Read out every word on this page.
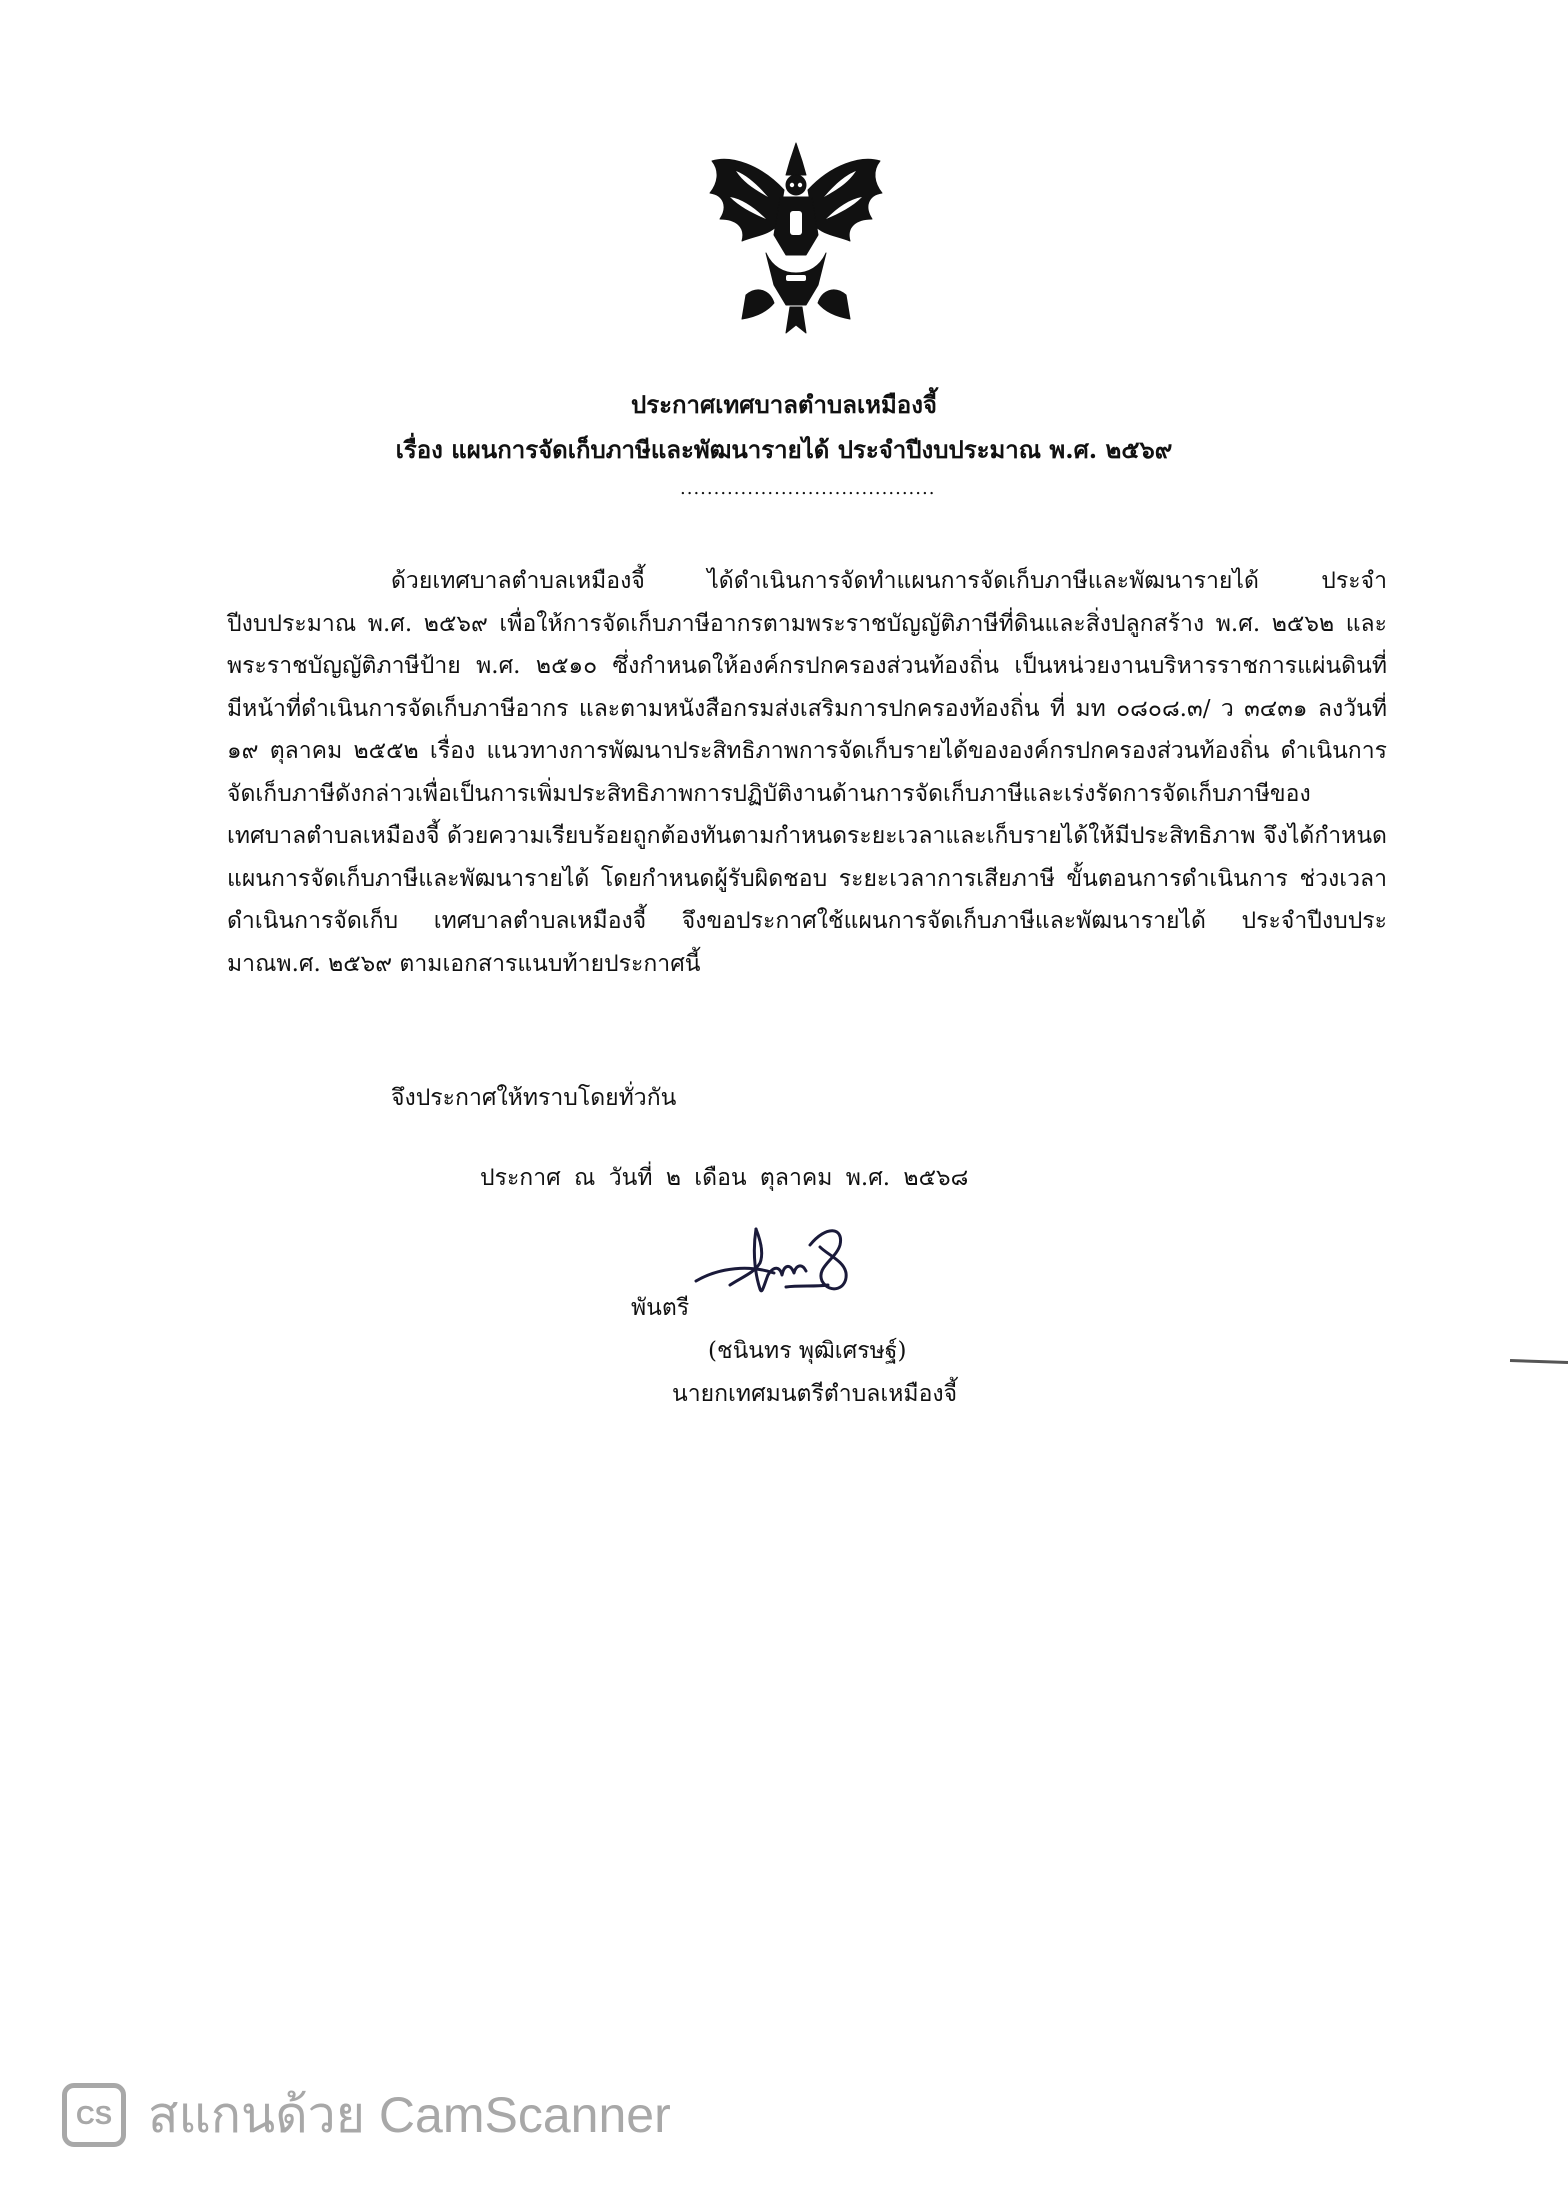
ประกาศเทศบาลตำบลเหมืองจี้
เรื่อง แผนการจัดเก็บภาษีและพัฒนารายได้ ประจำปีงบประมาณ พ.ศ. ๒๕๖๙
......................................
ด้วยเทศบาลตำบลเหมืองจี้ ได้ดำเนินการจัดทำแผนการจัดเก็บภาษีและพัฒนารายได้ ประจำปีงบประมาณ พ.ศ. ๒๕๖๙ เพื่อให้การจัดเก็บภาษีอากรตามพระราชบัญญัติภาษีที่ดินและสิ่งปลูกสร้าง พ.ศ. ๒๕๖๒ และพระราชบัญญัติภาษีป้าย พ.ศ. ๒๕๑๐ ซึ่งกำหนดให้องค์กรปกครองส่วนท้องถิ่น เป็นหน่วยงานบริหารราชการแผ่นดินที่มีหน้าที่ดำเนินการจัดเก็บภาษีอากร และตามหนังสือกรมส่งเสริมการปกครองท้องถิ่น ที่ มท ๐๘๐๘.๓/ ว ๓๔๓๑ ลงวันที่ ๑๙ ตุลาคม ๒๕๕๒ เรื่อง แนวทางการพัฒนาประสิทธิภาพการจัดเก็บรายได้ขององค์กรปกครองส่วนท้องถิ่น ดำเนินการจัดเก็บภาษีดังกล่าวเพื่อเป็นการเพิ่มประสิทธิภาพการปฏิบัติงานด้านการจัดเก็บภาษีและเร่งรัดการจัดเก็บภาษีของเทศบาลตำบลเหมืองจี้ ด้วยความเรียบร้อยถูกต้องทันตามกำหนดระยะเวลาและเก็บรายได้ให้มีประสิทธิภาพ จึงได้กำหนดแผนการจัดเก็บภาษีและพัฒนารายได้ โดยกำหนดผู้รับผิดชอบ ระยะเวลาการเสียภาษี ขั้นตอนการดำเนินการ ช่วงเวลาดำเนินการจัดเก็บ เทศบาลตำบลเหมืองจี้ จึงขอประกาศใช้แผนการจัดเก็บภาษีและพัฒนารายได้ ประจำปีงบประมาณพ.ศ. ๒๕๖๙ ตามเอกสารแนบท้ายประกาศนี้
จึงประกาศให้ทราบโดยทั่วกัน
ประกาศ ณ วันที่ ๒ เดือน ตุลาคม พ.ศ. ๒๕๖๘
พันตรี
(ชนินทร พุฒิเศรษฐ์)
นายกเทศมนตรีตำบลเหมืองจี้
CS สแกนด้วย CamScanner
